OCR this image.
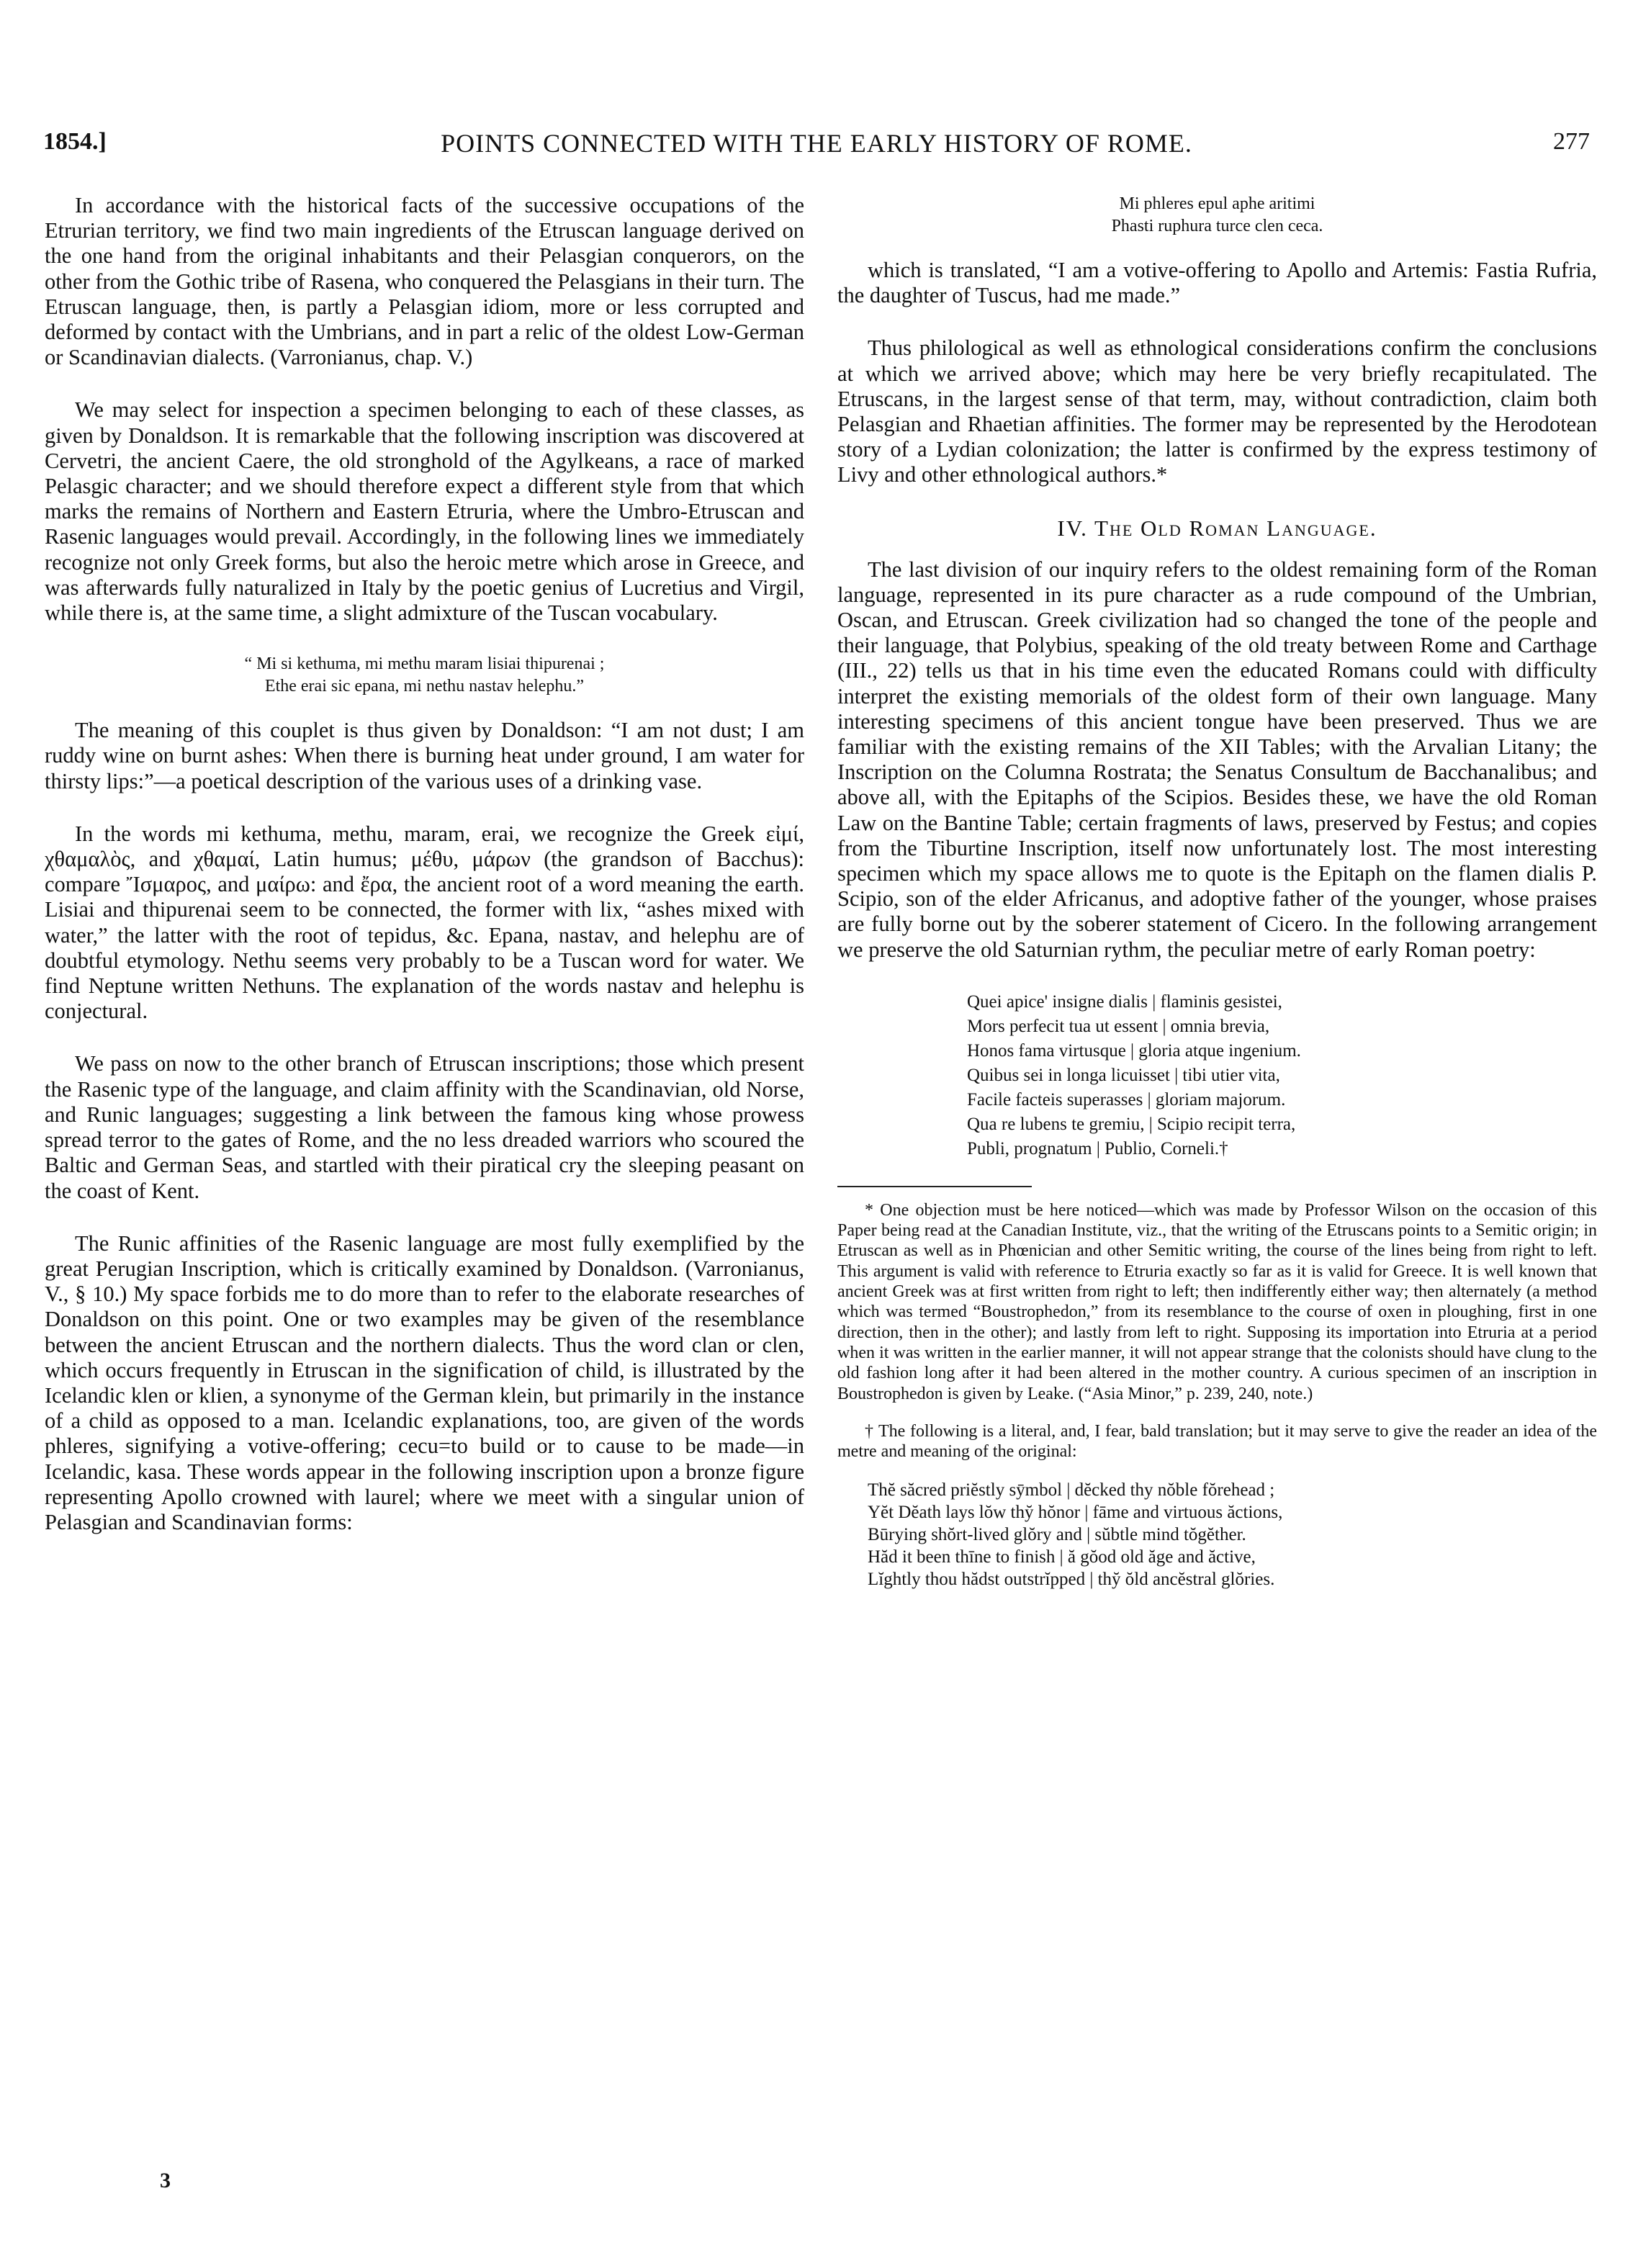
1854.]	POINTS CONNECTED WITH THE EARLY HISTORY OF ROME.	277

In accordance with the historical facts of the successive occupations of the Etrurian territory, we find two main ingredients of the Etruscan language derived on the one hand from the original inhabitants and their Pelasgian conquerors, on the other from the Gothic tribe of Rasena, who conquered the Pelasgians in their turn. The Etruscan language, then, is partly a Pelasgian idiom, more or less corrupted and deformed by contact with the Umbrians, and in part a relic of the oldest Low-German or Scandinavian dialects. (Varronianus, chap. V.)

We may select for inspection a specimen belonging to each of these classes, as given by Donaldson. It is remarkable that the following inscription was discovered at Cervetri, the ancient Caere, the old stronghold of the Agylkeans, a race of marked Pelasgic character; and we should therefore expect a different style from that which marks the remains of Northern and Eastern Etruria, where the Umbro-Etruscan and Rasenic languages would prevail. Accordingly, in the following lines we immediately recognize not only Greek forms, but also the heroic metre which arose in Greece, and was afterwards fully naturalized in Italy by the poetic genius of Lucretius and Virgil, while there is, at the same time, a slight admixture of the Tuscan vocabulary.

“ Mi si kethuma, mi methu maram lisiai thipurenai ;
Ethe erai sic epana, mi nethu nastav helephu.”

The meaning of this couplet is thus given by Donaldson: “I am not dust; I am ruddy wine on burnt ashes: When there is burning heat under ground, I am water for thirsty lips:”—a poetical description of the various uses of a drinking vase.

In the words mi kethuma, methu, maram, erai, we recognize the Greek εἰμί, χθαμαλὸς, and χθαμαί, Latin humus; μέθυ, μάρων (the grandson of Bacchus): compare Ἴσμαρος, and μαίρω: and ἔρα, the ancient root of a word meaning the earth. Lisiai and thipurenai seem to be connected, the former with lix, “ashes mixed with water,” the latter with the root of tepidus, &c. Epana, nastav, and helephu are of doubtful etymology. Nethu seems very probably to be a Tuscan word for water. We find Neptune written Nethuns. The explanation of the words nastav and helephu is conjectural.

We pass on now to the other branch of Etruscan inscriptions; those which present the Rasenic type of the language, and claim affinity with the Scandinavian, old Norse, and Runic languages; suggesting a link between the famous king whose prowess spread terror to the gates of Rome, and the no less dreaded warriors who scoured the Baltic and German Seas, and startled with their piratical cry the sleeping peasant on the coast of Kent.

The Runic affinities of the Rasenic language are most fully exemplified by the great Perugian Inscription, which is critically examined by Donaldson. (Varronianus, V., § 10.) My space forbids me to do more than to refer to the elaborate researches of Donaldson on this point. One or two examples may be given of the resemblance between the ancient Etruscan and the northern dialects. Thus the word clan or clen, which occurs frequently in Etruscan in the signification of child, is illustrated by the Icelandic klen or klien, a synonyme of the German klein, but primarily in the instance of a child as opposed to a man. Icelandic explanations, too, are given of the words phleres, signifying a votive-offering; cecu=to build or to cause to be made—in Icelandic, kasa. These words appear in the following inscription upon a bronze figure representing Apollo crowned with laurel; where we meet with a singular union of Pelasgian and Scandinavian forms:

Mi phleres epul aphe aritimi
Phasti ruphura turce clen ceca.

which is translated, “I am a votive-offering to Apollo and Artemis: Fastia Rufria, the daughter of Tuscus, had me made.”

Thus philological as well as ethnological considerations confirm the conclusions at which we arrived above; which may here be very briefly recapitulated. The Etruscans, in the largest sense of that term, may, without contradiction, claim both Pelasgian and Rhaetian affinities. The former may be represented by the Herodotean story of a Lydian colonization; the latter is confirmed by the express testimony of Livy and other ethnological authors.*

IV. The Old Roman Language.

The last division of our inquiry refers to the oldest remaining form of the Roman language, represented in its pure character as a rude compound of the Umbrian, Oscan, and Etruscan. Greek civilization had so changed the tone of the people and their language, that Polybius, speaking of the old treaty between Rome and Carthage (III., 22) tells us that in his time even the educated Romans could with difficulty interpret the existing memorials of the oldest form of their own language. Many interesting specimens of this ancient tongue have been preserved. Thus we are familiar with the existing remains of the XII Tables; with the Arvalian Litany; the Inscription on the Columna Rostrata; the Senatus Consultum de Bacchanalibus; and above all, with the Epitaphs of the Scipios. Besides these, we have the old Roman Law on the Bantine Table; certain fragments of laws, preserved by Festus; and copies from the Tiburtine Inscription, itself now unfortunately lost. The most interesting specimen which my space allows me to quote is the Epitaph on the flamen dialis P. Scipio, son of the elder Africanus, and adoptive father of the younger, whose praises are fully borne out by the soberer statement of Cicero. In the following arrangement we preserve the old Saturnian rythm, the peculiar metre of early Roman poetry:

Quei apice' insigne dialis | flaminis gesistei,
Mors perfecit tua ut essent | omnia brevia,
Honos fama virtusque | gloria atque ingenium.
Quibus sei in longa licuisset | tibi utier vita,
Facile facteis superasses | gloriam majorum.
Qua re lubens te gremiu, | Scipio recipit terra,
Publi, prognatum | Publio, Corneli.†

* One objection must be here noticed—which was made by Professor Wilson on the occasion of this Paper being read at the Canadian Institute, viz., that the writing of the Etruscans points to a Semitic origin; in Etruscan as well as in Phœnician and other Semitic writing, the course of the lines being from right to left. This argument is valid with reference to Etruria exactly so far as it is valid for Greece. It is well known that ancient Greek was at first written from right to left; then indifferently either way; then alternately (a method which was termed “Boustrophedon,” from its resemblance to the course of oxen in ploughing, first in one direction, then in the other); and lastly from left to right. Supposing its importation into Etruria at a period when it was written in the earlier manner, it will not appear strange that the colonists should have clung to the old fashion long after it had been altered in the mother country. A curious specimen of an inscription in Boustrophedon is given by Leake. (“Asia Minor,” p. 239, 240, note.)

† The following is a literal, and, I fear, bald translation; but it may serve to give the reader an idea of the metre and meaning of the original:

Thĕ săcred priĕstly sȳmbol | dĕcked thy nŏble fŏrehead ;
Yĕt Dĕath lays lŏw thy̆ hŏnor | fāme and virtuous ăctions,
Būrying shŏrt-lived glŏry and | sŭbtle mind tŏgĕther.
Hăd it been thīne to finish | ă gŏod old ăge and ăctive,
Lĭghtly thou hădst outstrĭpped | thy̆ ŏld ancĕstral glŏries.
3
